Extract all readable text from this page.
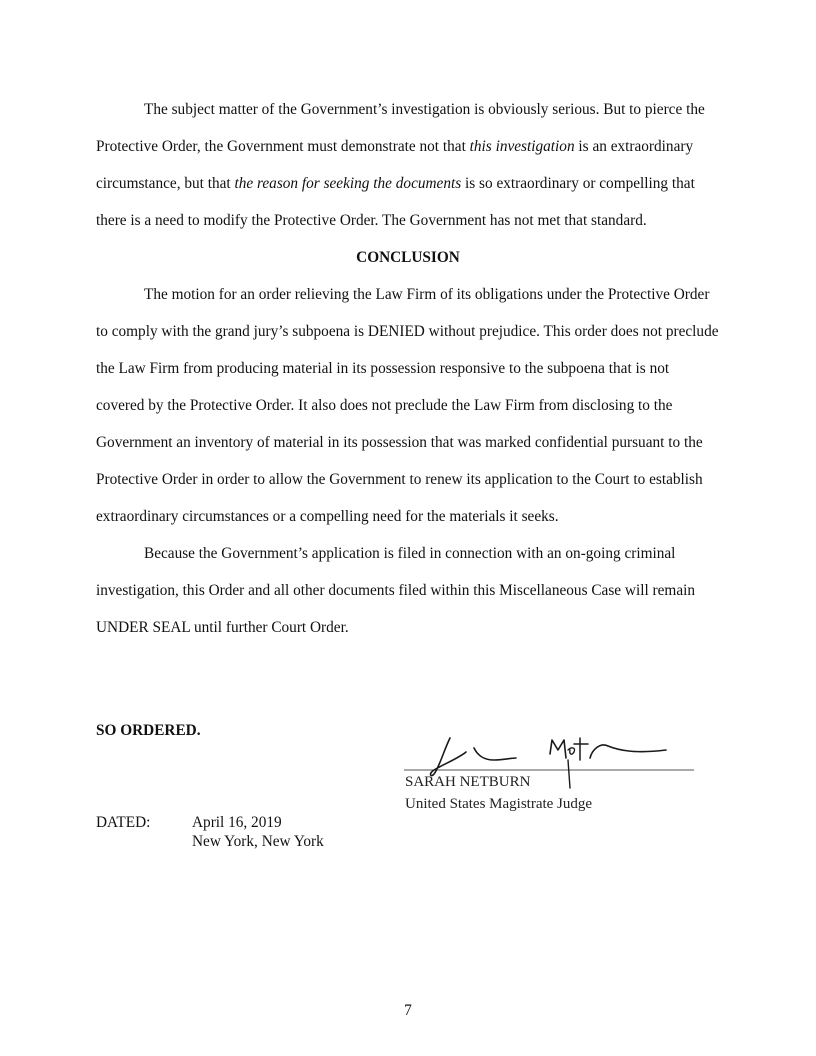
The subject matter of the Government’s investigation is obviously serious. But to pierce the Protective Order, the Government must demonstrate not that this investigation is an extraordinary circumstance, but that the reason for seeking the documents is so extraordinary or compelling that there is a need to modify the Protective Order. The Government has not met that standard.

CONCLUSION

The motion for an order relieving the Law Firm of its obligations under the Protective Order to comply with the grand jury’s subpoena is DENIED without prejudice. This order does not preclude the Law Firm from producing material in its possession responsive to the subpoena that is not covered by the Protective Order. It also does not preclude the Law Firm from disclosing to the Government an inventory of material in its possession that was marked confidential pursuant to the Protective Order in order to allow the Government to renew its application to the Court to establish extraordinary circumstances or a compelling need for the materials it seeks.

Because the Government’s application is filed in connection with an on-going criminal investigation, this Order and all other documents filed within this Miscellaneous Case will remain UNDER SEAL until further Court Order.

SO ORDERED.

SARAH NETBURN
United States Magistrate Judge
DATED:	April 16, 2019
New York, New York
7
